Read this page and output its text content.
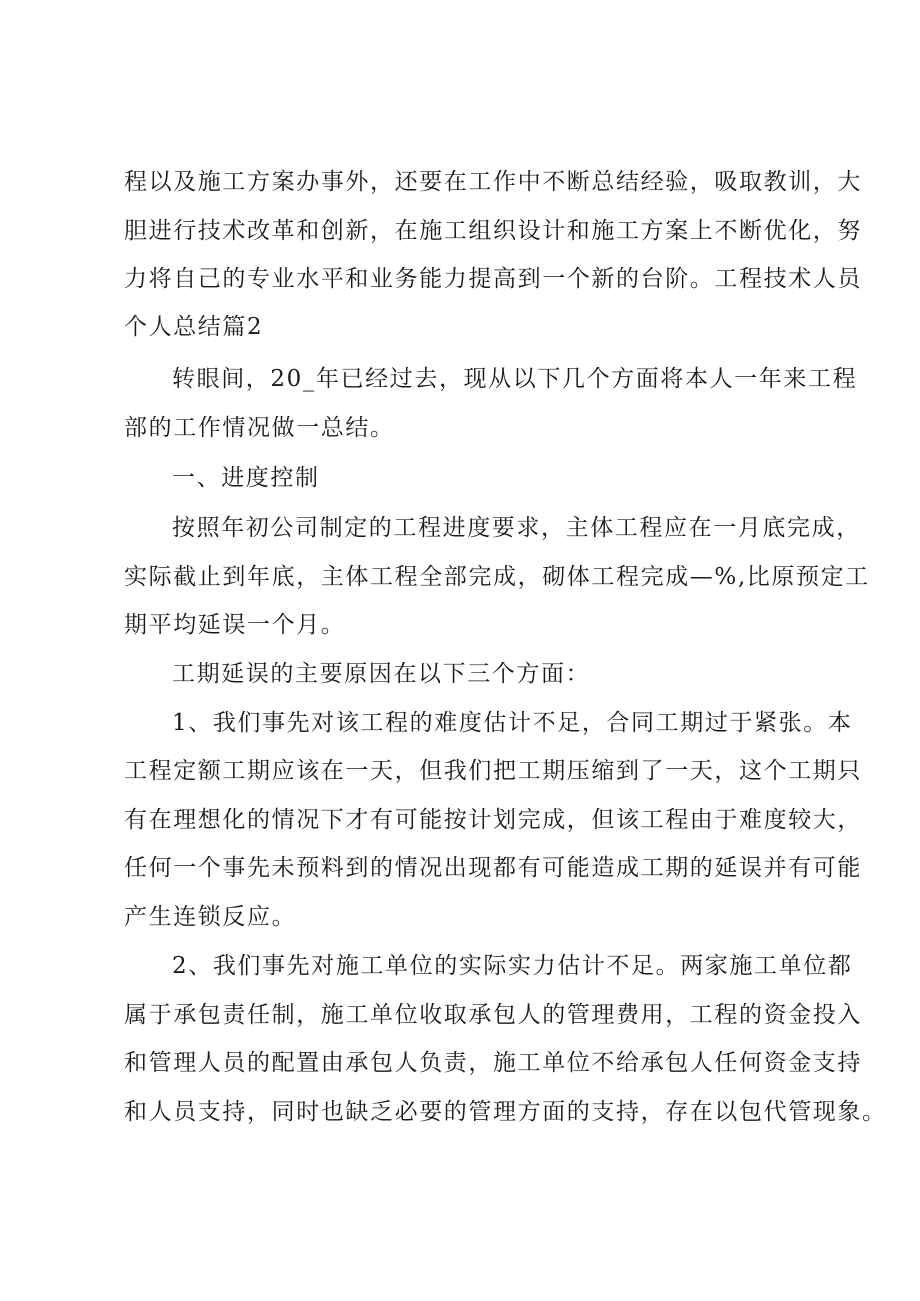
程以及施工方案办事外，还要在工作中不断总结经验，吸取教训，大

胆进行技术改革和创新，在施工组织设计和施工方案上不断优化，努

力将自己的专业水平和业务能力提高到一个新的台阶。工程技术人员

个人总结篇2

转眼间，20_年已经过去，现从以下几个方面将本人一年来工程

部的工作情况做一总结。

一、进度控制

按照年初公司制定的工程进度要求，主体工程应在一月底完成，

实际截止到年底，主体工程全部完成，砌体工程完成—%,比原预定工

期平均延误一个月。

工期延误的主要原因在以下三个方面：

1、我们事先对该工程的难度估计不足，合同工期过于紧张。本

工程定额工期应该在一天，但我们把工期压缩到了一天，这个工期只

有在理想化的情况下才有可能按计划完成，但该工程由于难度较大，

任何一个事先未预料到的情况出现都有可能造成工期的延误并有可能

产生连锁反应。

2、我们事先对施工单位的实际实力估计不足。两家施工单位都

属于承包责任制，施工单位收取承包人的管理费用，工程的资金投入

和管理人员的配置由承包人负责，施工单位不给承包人任何资金支持

和人员支持，同时也缺乏必要的管理方面的支持，存在以包代管现象。
